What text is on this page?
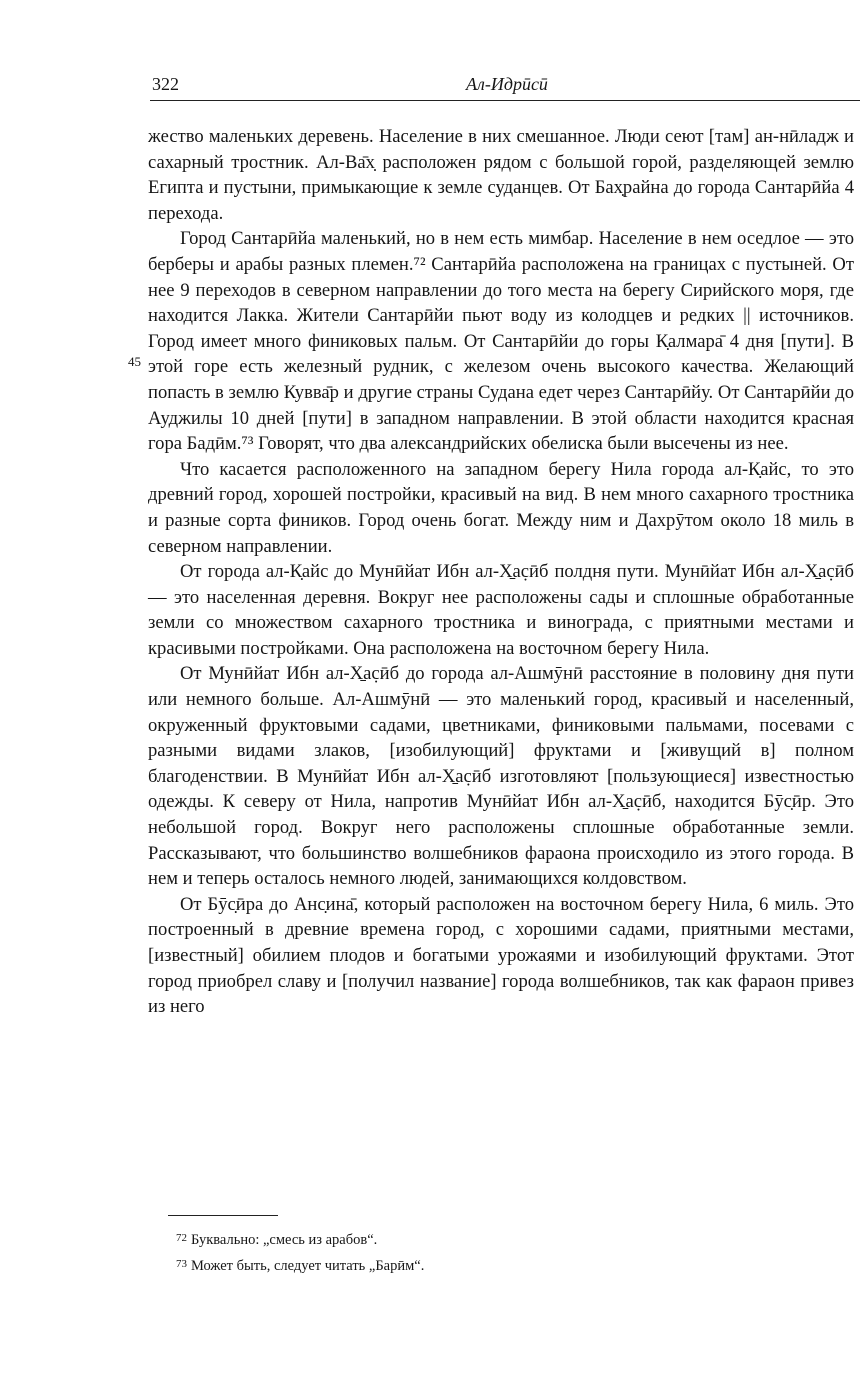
322	Ал-Идрӣсӣ
45

жество маленьких деревень. Население в них смешанное. Люди сеют [там] ан-нӣладж и сахарный тростник. Ал-Ва̄х̣ расположен рядом с большой горой, разделяющей землю Египта и пустыни, примыкающие к земле суданцев. От Бах̣райна до города Сантарӣйа 4 перехода.

Город Сантарӣйа маленький, но в нем есть мимбар. Население в нем оседлое — это берберы и арабы разных племен.⁷² Сантарӣйа расположена на границах с пустыней. От нее 9 переходов в северном направлении до того места на берегу Сирийского моря, где находится Лакка. Жители Сантарӣйи пьют воду из колодцев и редких || источников. Город имеет много финиковых пальм. От Сантарӣйи до горы К̣алмара̄ 4 дня [пути]. В этой горе есть железный рудник, с железом очень высокого качества. Желающий попасть в землю Кувва̄р и другие страны Судана едет через Сантарӣйу. От Сантарӣйи до Ауджилы 10 дней [пути] в западном направлении. В этой области находится красная гора Бадӣм.⁷³ Говорят, что два александрийских обелиска были высечены из нее.

Что касается расположенного на западном берегу Нила города ал-К̣айс, то это древний город, хорошей постройки, красивый на вид. В нем много сахарного тростника и разные сорта фиников. Город очень богат. Между ним и Дахрӯтом около 18 миль в северном направлении.

От города ал-К̣айс до Мунӣйат Ибн ал-Х̱аc̣ӣб полдня пути. Мунӣйат Ибн ал-Х̱аc̣ӣб — это населенная деревня. Вокруг нее расположены сады и сплошные обработанные земли со множеством сахарного тростника и винограда, с приятными местами и красивыми постройками. Она расположена на восточном берегу Нила.

От Мунӣйат Ибн ал-Х̱аc̣ӣб до города ал-Ашмӯнӣ расстояние в половину дня пути или немного больше. Ал-Ашмӯнӣ — это маленький город, красивый и населенный, окруженный фруктовыми садами, цветниками, финиковыми пальмами, посевами с разными видами злаков, [изобилующий] фруктами и [живущий в] полном благоденствии. В Мунӣйат Ибн ал-Х̱аc̣ӣб изготовляют [пользующиеся] известностью одежды. К северу от Нила, напротив Мунӣйат Ибн ал-Х̱аc̣ӣб, находится Бӯс̣ӣр. Это небольшой город. Вокруг него расположены сплошные обработанные земли. Рассказывают, что большинство волшебников фараона происходило из этого города. В нем и теперь осталось немного людей, занимающихся колдовством.

От Бӯс̣ӣра до Анс̣ина̄, который расположен на восточном берегу Нила, 6 миль. Это построенный в древние времена город, с хорошими садами, приятными местами, [известный] обилием плодов и богатыми урожаями и изобилующий фруктами. Этот город приобрел славу и [получил название] города волшебников, так как фараон привез из него

$^{72}$ Буквально: „смесь из арабов“.

$^{73}$ Может быть, следует читать „Барӣм“.
